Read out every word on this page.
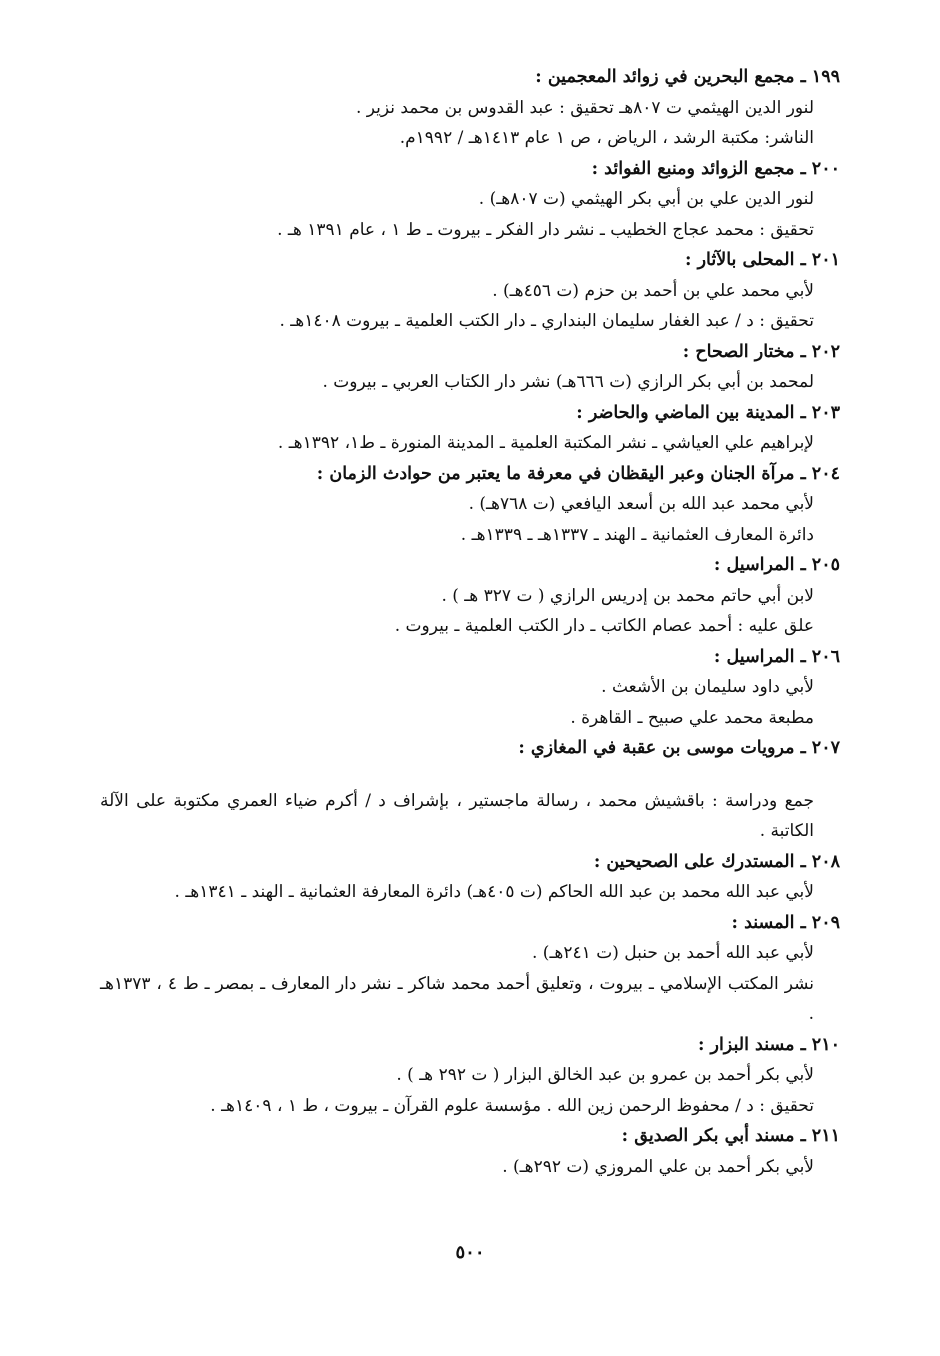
١٩٩ ـ مجمع البحرين في زوائد المعجمين :
لنور الدين الهيثمي ت ٨٠٧هـ تحقيق : عبد القدوس بن محمد نزير .
الناشر: مكتبة الرشد ، الرياض ، ص ١ عام ١٤١٣هـ / ١٩٩٢م.
٢٠٠ ـ مجمع الزوائد ومنبع الفوائد :
لنور الدين علي بن أبي بكر الهيثمي (ت ٨٠٧هـ) .
تحقيق : محمد عجاج الخطيب ـ نشر دار الفكر ـ بيروت ـ ط ١ ، عام ١٣٩١ هـ .
٢٠١ ـ المحلى بالآثار :
لأبي محمد علي بن أحمد بن حزم (ت ٤٥٦هـ) .
تحقيق : د / عبد الغفار سليمان البنداري ـ دار الكتب العلمية ـ بيروت ١٤٠٨هـ .
٢٠٢ ـ مختار الصحاح :
لمحمد بن أبي بكر الرازي (ت ٦٦٦هـ) نشر دار الكتاب العربي ـ بيروت .
٢٠٣ ـ المدينة بين الماضي والحاضر :
لإبراهيم علي العياشي ـ نشر المكتبة العلمية ـ المدينة المنورة ـ ط١، ١٣٩٢هـ .
٢٠٤ ـ مرآة الجنان وعبر اليقظان في معرفة ما يعتبر من حوادث الزمان :
لأبي محمد عبد الله بن أسعد اليافعي (ت ٧٦٨هـ) .
دائرة المعارف العثمانية ـ الهند ـ ١٣٣٧هـ ـ ١٣٣٩هـ .
٢٠٥ ـ المراسيل :
لابن أبي حاتم محمد بن إدريس الرازي ( ت ٣٢٧ هـ ) .
علق عليه : أحمد عصام الكاتب ـ دار الكتب العلمية ـ بيروت .
٢٠٦ ـ المراسيل :
لأبي داود سليمان بن الأشعث .
مطبعة محمد علي صبيح ـ القاهرة .
٢٠٧ ـ مرويات موسى بن عقبة في المغازي :
جمع ودراسة : باقشيش محمد ، رسالة ماجستير ، بإشراف د / أكرم ضياء العمري مكتوبة على الآلة الكاتبة .
٢٠٨ ـ المستدرك على الصحيحين :
لأبي عبد الله محمد بن عبد الله الحاكم (ت ٤٠٥هـ) دائرة المعارفة العثمانية ـ الهند ـ ١٣٤١هـ .
٢٠٩ ـ المسند :
لأبي عبد الله أحمد بن حنبل (ت ٢٤١هـ) .
نشر المكتب الإسلامي ـ بيروت ، وتعليق أحمد محمد شاكر ـ نشر دار المعارف ـ بمصر ـ ط ٤ ، ١٣٧٣هـ .
٢١٠ ـ مسند البزار :
لأبي بكر أحمد بن عمرو بن عبد الخالق البزار ( ت ٢٩٢ هـ ) .
تحقيق : د / محفوظ الرحمن زين الله . مؤسسة علوم القرآن ـ بيروت ، ط ١ ، ١٤٠٩هـ .
٢١١ ـ مسند أبي بكر الصديق :
لأبي بكر أحمد بن علي المروزي (ت ٢٩٢هـ) .
٥٠٠
